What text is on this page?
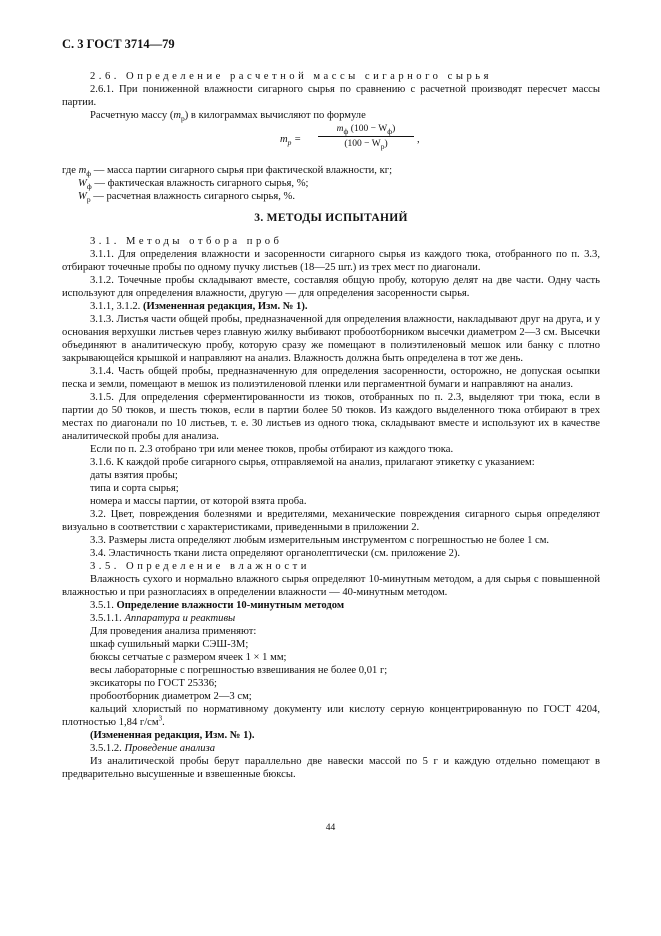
С. 3 ГОСТ 3714—79

2.6. Определение расчетной массы сигарного сырья

2.6.1. При пониженной влажности сигарного сырья по сравнению с расчетной производят пересчет массы партии.

Расчетную массу $(m_р)$ в килограммах вычисляют по формуле

$m_р$ =
$m_ф$ $(100 - W_ф)$
$(100 - W_р)$	,

где $m_ф$ — масса партии сигарного сырья при фактической влажности, кг;

$W_ф$ — фактическая влажность сигарного сырья, %;

$W_р$ — расчетная влажность сигарного сырья, %.

3. МЕТОДЫ ИСПЫТАНИЙ

3.1. Методы отбора проб

3.1.1. Для определения влажности и засоренности сигарного сырья из каждого тюка, отобранного по п. 3.3, отбирают точечные пробы по одному пучку листьев (18—25 шт.) из трех мест по диагонали.

3.1.2. Точечные пробы складывают вместе, составляя общую пробу, которую делят на две части. Одну часть используют для определения влажности, другую — для определения засоренности сырья.

3.1.1, 3.1.2. (Измененная редакция, Изм. № 1).

3.1.3. Листья части общей пробы, предназначенной для определения влажности, накладывают друг на друга, и у основания верхушки листьев через главную жилку выбивают пробоотборником высечки диаметром 2—3 см. Высечки объединяют в аналитическую пробу, которую сразу же помещают в полиэтиленовый мешок или банку с плотно закрывающейся крышкой и направляют на анализ. Влажность должна быть определена в тот же день.

3.1.4. Часть общей пробы, предназначенную для определения засоренности, осторожно, не допуская осыпки песка и земли, помещают в мешок из полиэтиленовой пленки или пергаментной бумаги и направляют на анализ.

3.1.5. Для определения сферментированности из тюков, отобранных по п. 2.3, выделяют три тюка, если в партии до 50 тюков, и шесть тюков, если в партии более 50 тюков. Из каждого выделенного тюка отбирают в трех местах по диагонали по 10 листьев, т. е. 30 листьев из одного тюка, складывают вместе и используют их в качестве аналитической пробы для анализа.

Если по п. 2.3 отобрано три или менее тюков, пробы отбирают из каждого тюка.

3.1.6. К каждой пробе сигарного сырья, отправляемой на анализ, прилагают этикетку с указанием:

даты взятия пробы;

типа и сорта сырья;

номера и массы партии, от которой взята проба.

3.2. Цвет, повреждения болезнями и вредителями, механические повреждения сигарного сырья определяют визуально в соответствии с характеристиками, приведенными в приложении 2.

3.3. Размеры листа определяют любым измерительным инструментом с погрешностью не более 1 см.

3.4. Эластичность ткани листа определяют органолептически (см. приложение 2).

3.5. Определение влажности

Влажность сухого и нормально влажного сырья определяют 10-минутным методом, а для сырья с повышенной влажностью и при разногласиях в определении влажности — 40-минутным методом.

3.5.1. Определение влажности 10-минутным методом

3.5.1.1. Аппаратура и реактивы

Для проведения анализа применяют:

шкаф сушильный марки СЭШ-3М;

бюксы сетчатые с размером ячеек 1 × 1 мм;

весы лабораторные с погрешностью взвешивания не более 0,01 г;

эксикаторы по ГОСТ 25336;

пробоотборник диаметром 2—3 см;

кальций хлористый по нормативному документу или кислоту серную концентрированную по ГОСТ 4204, плотностью 1,84 $г/см^3$.

(Измененная редакция, Изм. № 1).

3.5.1.2. Проведение анализа

Из аналитической пробы берут параллельно две навески массой по 5 г и каждую отдельно помещают в предварительно высушенные и взвешенные бюксы.

44
